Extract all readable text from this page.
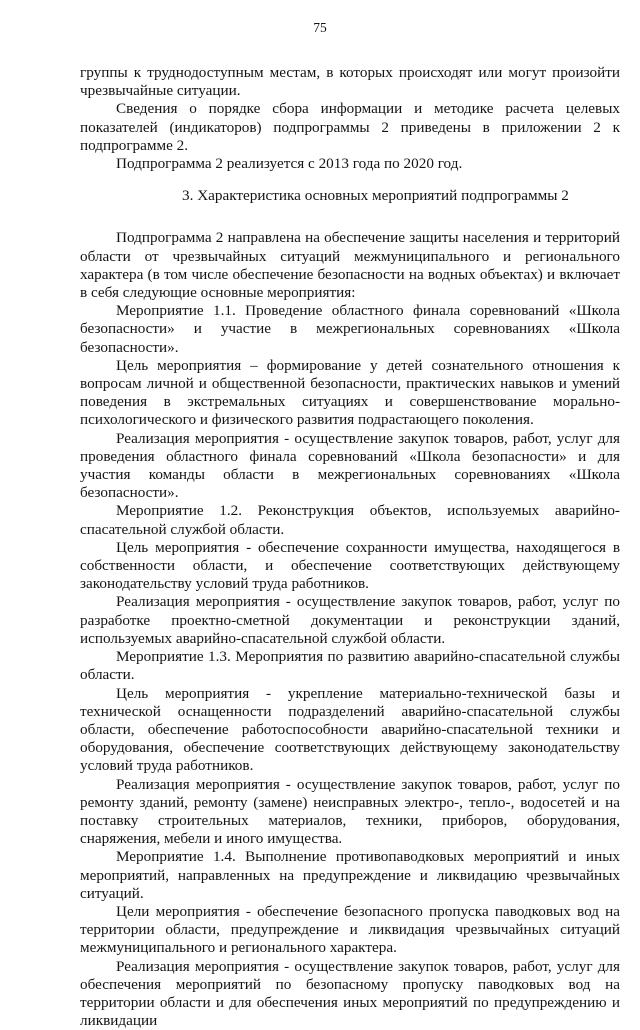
75

группы к труднодоступным местам, в которых происходят или могут произойти чрезвычайные ситуации.

Сведения о порядке сбора информации и методике расчета целевых показателей (индикаторов) подпрограммы 2 приведены в приложении 2 к подпрограмме 2.

Подпрограмма 2 реализуется с 2013 года по 2020 год.

3. Характеристика основных мероприятий подпрограммы 2

Подпрограмма 2 направлена на обеспечение защиты населения и территорий области от чрезвычайных ситуаций межмуниципального и регионального характера (в том числе обеспечение безопасности на водных объектах) и включает в себя следующие основные мероприятия:

Мероприятие 1.1. Проведение областного финала соревнований «Школа безопасности» и участие в межрегиональных соревнованиях «Школа безопасности».

Цель мероприятия – формирование у детей сознательного отношения к вопросам личной и общественной безопасности, практических навыков и умений поведения в экстремальных ситуациях и совершенствование морально-психологического и физического развития подрастающего поколения.

Реализация мероприятия - осуществление закупок товаров, работ, услуг для проведения областного финала соревнований «Школа безопасности» и для участия команды области в межрегиональных соревнованиях «Школа безопасности».

Мероприятие 1.2. Реконструкция объектов, используемых аварийно-спасательной службой области.

Цель мероприятия - обеспечение сохранности имущества, находящегося в собственности области, и обеспечение соответствующих действующему законодательству условий труда работников.

Реализация мероприятия - осуществление закупок товаров, работ, услуг по разработке проектно-сметной документации и реконструкции зданий, используемых аварийно-спасательной службой области.

Мероприятие 1.3. Мероприятия по развитию аварийно-спасательной службы области.

Цель мероприятия - укрепление материально-технической базы и технической оснащенности подразделений аварийно-спасательной службы области, обеспечение работоспособности аварийно-спасательной техники и оборудования, обеспечение соответствующих действующему законодательству условий труда работников.

Реализация мероприятия - осуществление закупок товаров, работ, услуг по ремонту зданий, ремонту (замене) неисправных электро-, тепло-, водосетей и на поставку строительных материалов, техники, приборов, оборудования, снаряжения, мебели и иного имущества.

Мероприятие 1.4. Выполнение противопаводковых мероприятий и иных мероприятий, направленных на предупреждение и ликвидацию чрезвычайных ситуаций.

Цели мероприятия - обеспечение безопасного пропуска паводковых вод на территории области, предупреждение и ликвидация чрезвычайных ситуаций межмуниципального и регионального характера.

Реализация мероприятия - осуществление закупок товаров, работ, услуг для обеспечения мероприятий по безопасному пропуску паводковых вод на территории области и для обеспечения иных мероприятий по предупреждению и ликвидации
